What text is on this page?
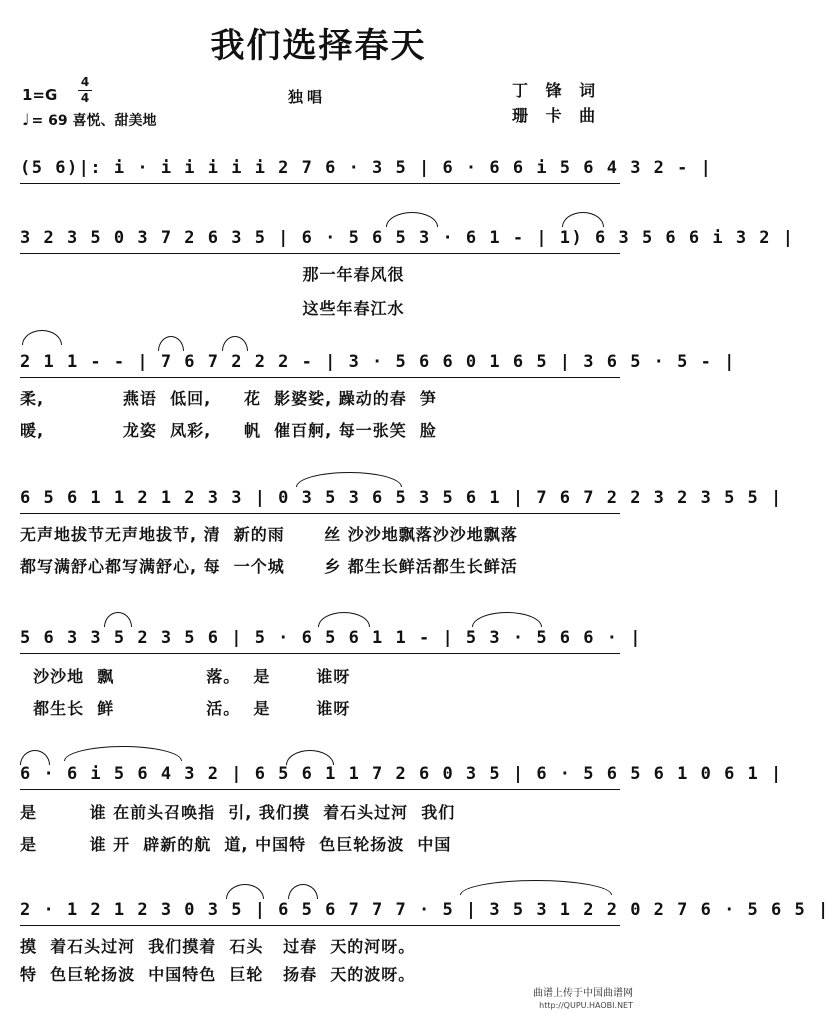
我们选择春天
1=G
4
4
♩ = 69 喜悦、甜美地
独唱	丁 锋 词
珊 卡 曲
(5 6)|: i · i i i i i 2 7 6 · 3 5 | 6 · 6 6 i 5 6 4 3 2 - |
3 2 3 5 0 3 7 2 6 3 5 | 6 · 5 6 5 3 · 6 1 - | 1) 6 3 5 6 6 i 3 2 |
那一年春风很
这些年春江水
2 1 1 - - | 7 6 7 2 2 2 - | 3 · 5 6 6 0 1 6 5 | 3 6 5 · 5 - |
柔,            燕语  低回,     花  影婆娑, 躁动的春  笋
暖,            龙姿  凤彩,     帆  催百舸, 每一张笑  脸
6 5 6 1 1 2 1 2 3 3 | 0 3 5 3 6 5 3 5 6 1 | 7 6 7 2 2 3 2 3 5 5 |
无声地拔节无声地拔节, 清  新的雨      丝 沙沙地飘落沙沙地飘落
都写满舒心都写满舒心, 每  一个城      乡 都生长鲜活都生长鲜活
5 6 3 3 5 2 3 5 6 | 5 · 6 5 6 1 1 - | 5 3 · 5 6 6 · |
沙沙地  飘              落。  是       谁呀
都生长  鲜              活。  是       谁呀
6 · 6 i 5 6 4 3 2 | 6 5 6 1 1 7 2 6 0 3 5 | 6 · 5 6 5 6 1 0 6 1 |
是        谁 在前头召唤指  引, 我们摸  着石头过河  我们
是        谁 开  辟新的航  道, 中国特  色巨轮扬波  中国
2 · 1 2 1 2 3 0 3 5 | 6 5 6 7 7 7 · 5 | 3 5 3 1 2 2 0 2 7 6 · 5 6 5 |
摸  着石头过河  我们摸着  石头   过春  天的河呀。
特  色巨轮扬波  中国特色  巨轮   扬春  天的波呀。
曲谱上传于中国曲谱网
http://QUPU.HAOBI.NET
